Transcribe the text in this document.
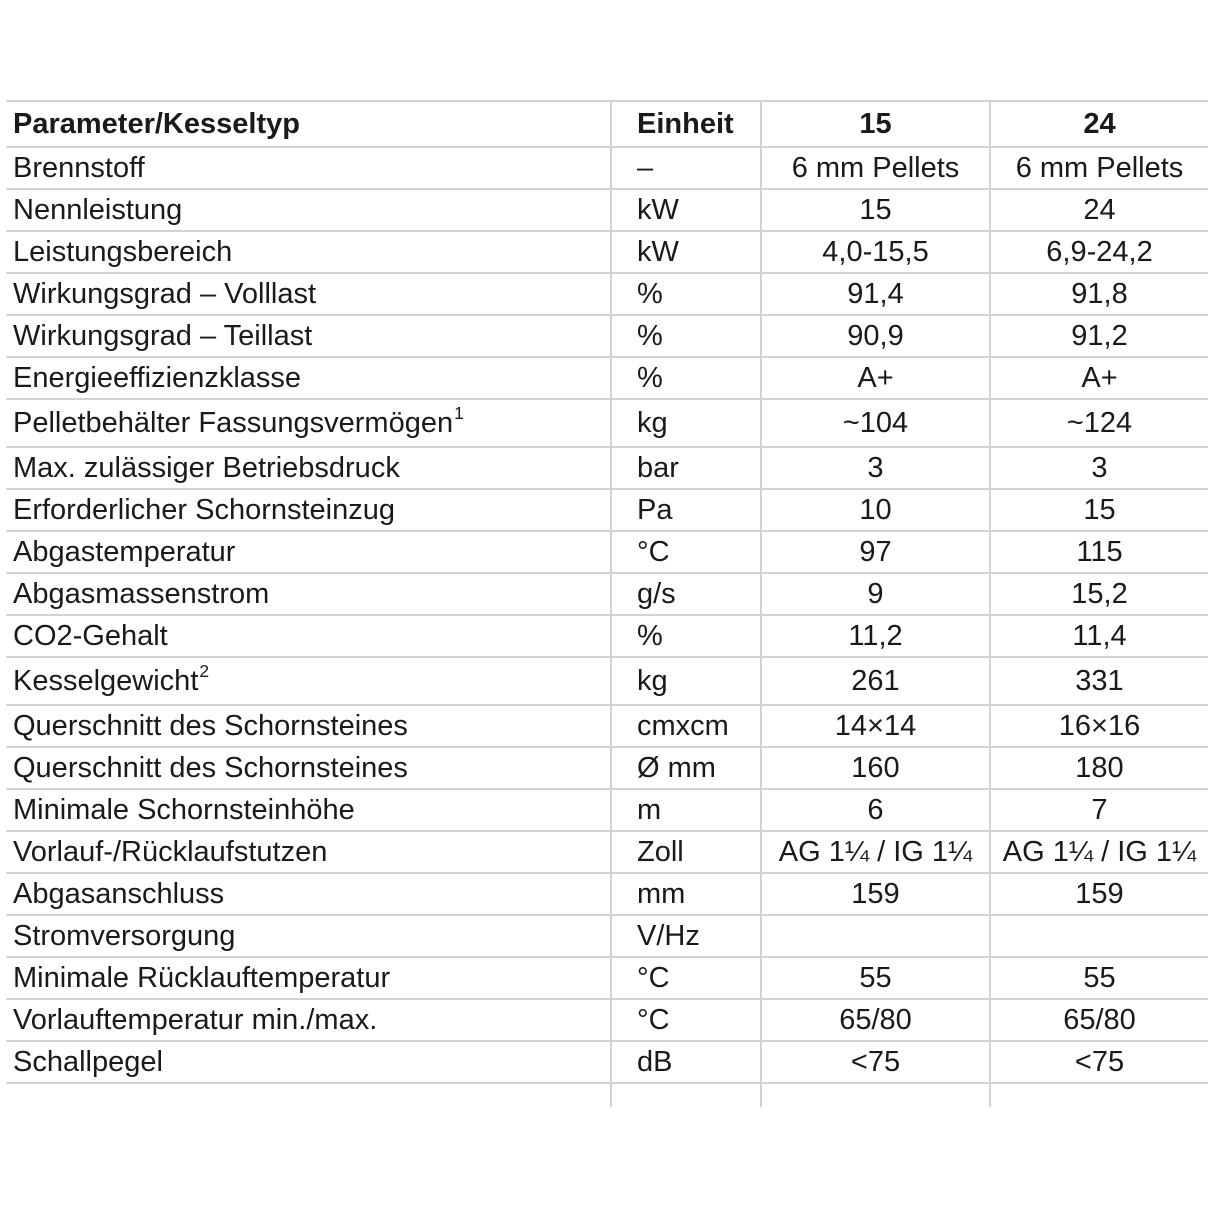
Parameter/Kesseltyp	Einheit	15	24
Brennstoff	–	6 mm Pellets	6 mm Pellets
Nennleistung	kW	15	24
Leistungsbereich	kW	4,0-15,5	6,9-24,2
Wirkungsgrad – Volllast	%	91,4	91,8
Wirkungsgrad – Teillast	%	90,9	91,2
Energieeffizienzklasse	%	A+	A+
Pelletbehälter Fassungsvermögen$^1$	kg	~104	~124
Max. zulässiger Betriebsdruck	bar	3	3
Erforderlicher Schornsteinzug	Pa	10	15
Abgastemperatur	°C	97	115
Abgasmassenstrom	g/s	9	15,2
CO2-Gehalt	%	11,2	11,4
Kesselgewicht$^2$	kg	261	331
Querschnitt des Schornsteines	cmxcm	14×14	16×16
Querschnitt des Schornsteines	Ø mm	160	180
Minimale Schornsteinhöhe	m	6	7
Vorlauf-/Rücklaufstutzen	Zoll	AG 1¼ / IG 1¼	AG 1¼ / IG 1¼
Abgasanschluss	mm	159	159
Stromversorgung	V/Hz
Minimale Rücklauftemperatur	°C	55	55
Vorlauftemperatur min./max.	°C	65/80	65/80
Schallpegel	dB	<75	<75
